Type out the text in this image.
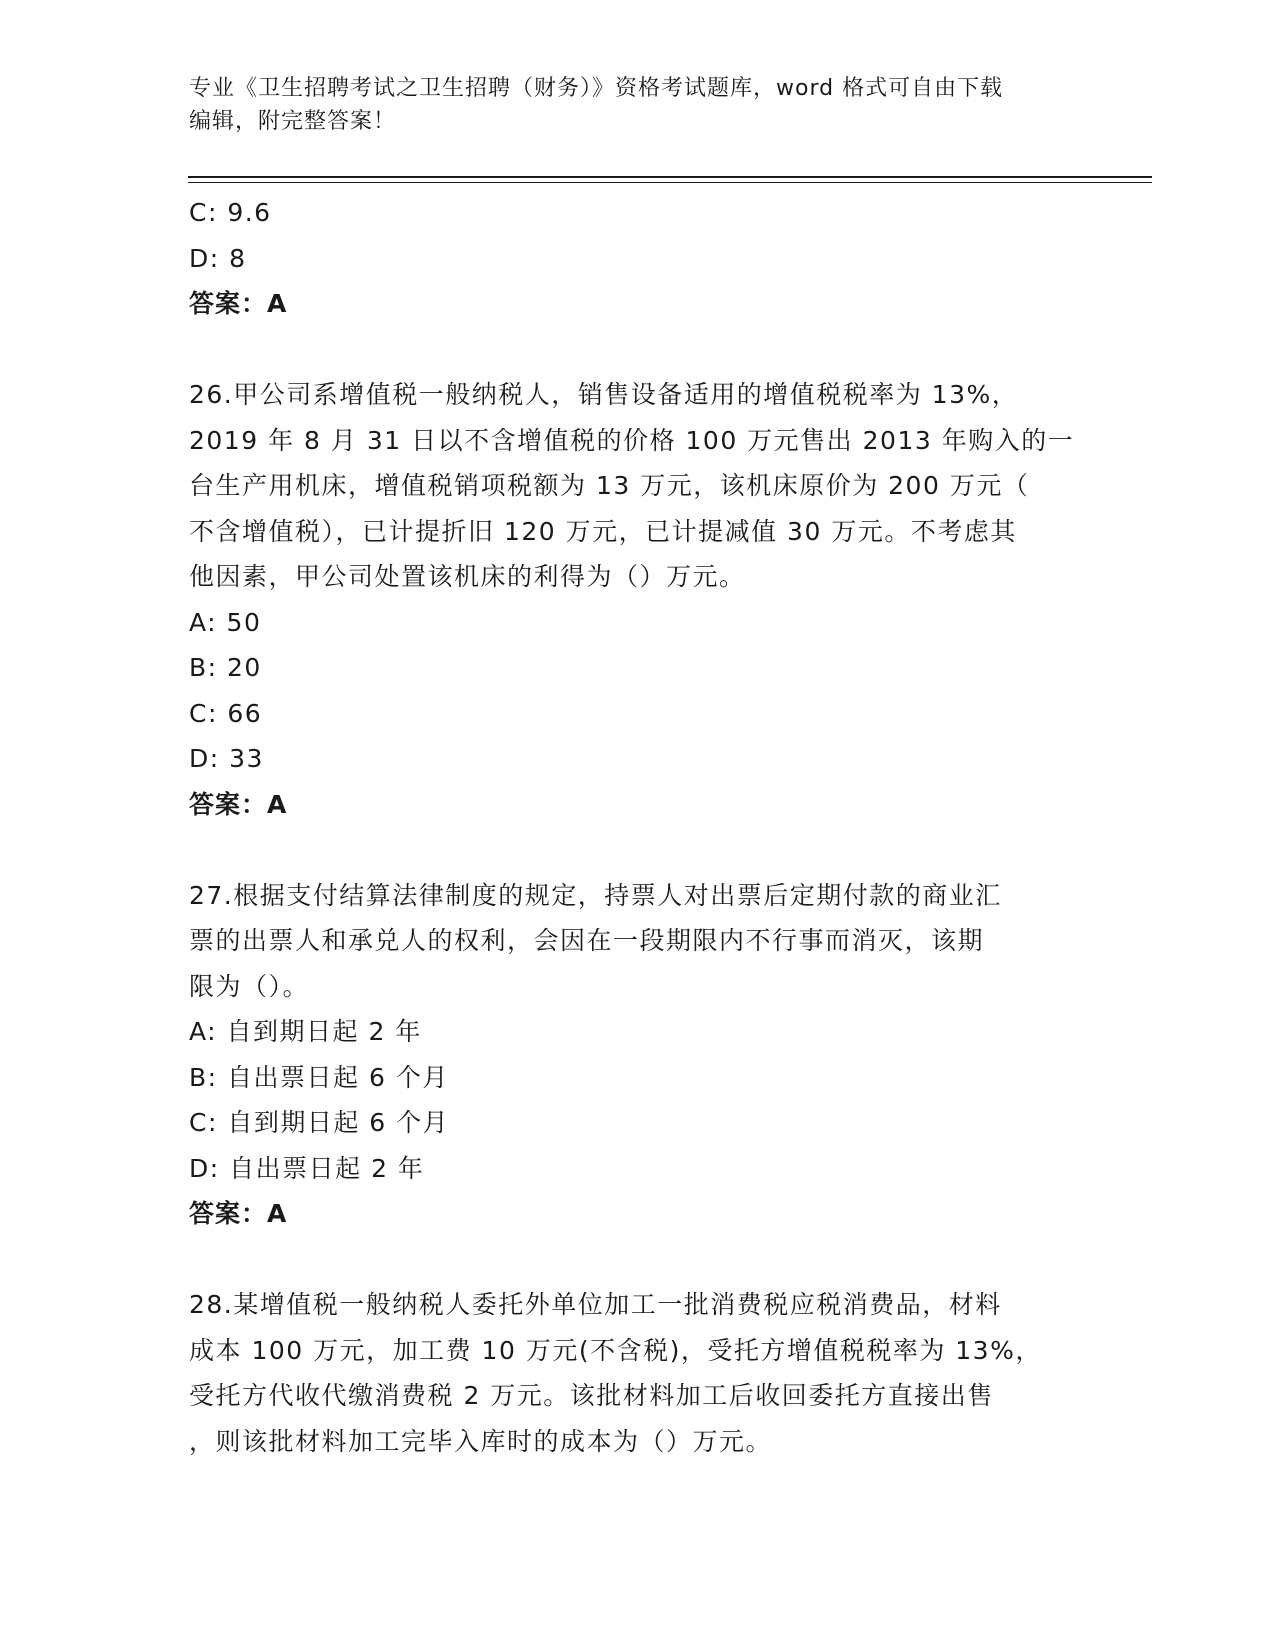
专业《卫生招聘考试之卫生招聘（财务）》资格考试题库，word 格式可自由下载
编辑，附完整答案！
C: 9.6
D: 8
答案：A
26.甲公司系增值税一般纳税人，销售设备适用的增值税税率为 13%，
2019 年 8 月 31 日以不含增值税的价格 100 万元售出 2013 年购入的一
台生产用机床，增值税销项税额为 13 万元，该机床原价为 200 万元（
不含增值税），已计提折旧 120 万元，已计提减值 30 万元。不考虑其
他因素，甲公司处置该机床的利得为（）万元。
A: 50
B: 20
C: 66
D: 33
答案：A
27.根据支付结算法律制度的规定，持票人对出票后定期付款的商业汇
票的出票人和承兑人的权利，会因在一段期限内不行事而消灭，该期
限为（）。
A: 自到期日起 2 年
B: 自出票日起 6 个月
C: 自到期日起 6 个月
D: 自出票日起 2 年
答案：A
28.某增值税一般纳税人委托外单位加工一批消费税应税消费品，材料
成本 100 万元，加工费 10 万元(不含税)，受托方增值税税率为 13%，
受托方代收代缴消费税 2 万元。该批材料加工后收回委托方直接出售
，则该批材料加工完毕入库时的成本为（）万元。
